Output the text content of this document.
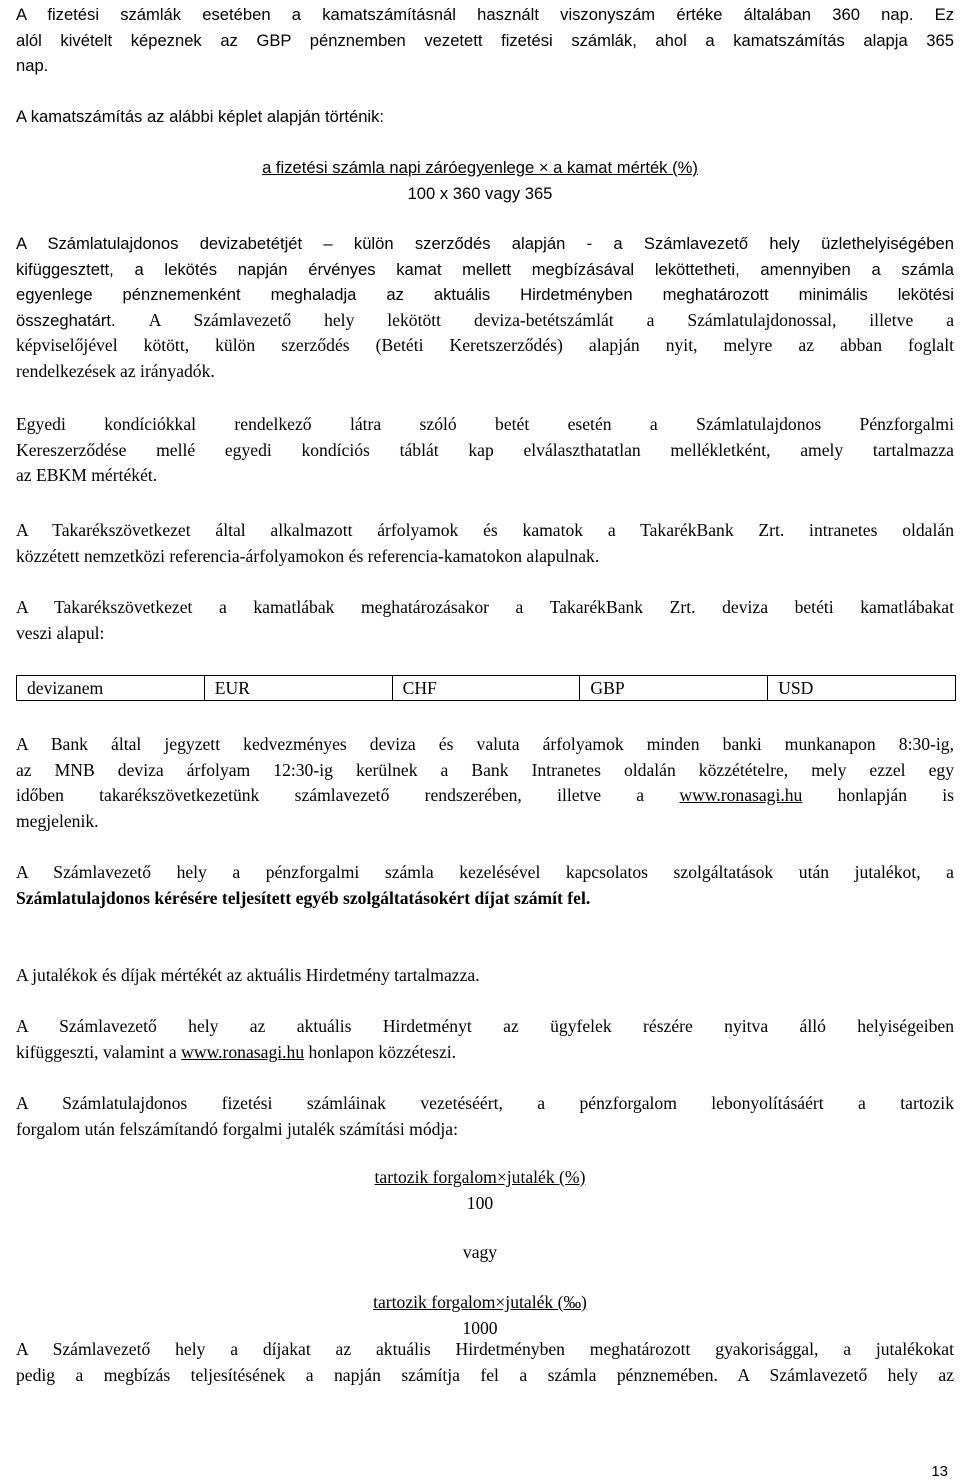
A fizetési számlák esetében a kamatszámításnál használt viszonyszám értéke általában 360 nap. Ez
alól kivételt képeznek az GBP pénznemben vezetett fizetési számlák, ahol a kamatszámítás alapja 365
nap.
A kamatszámítás az alábbi képlet alapján történik:
a fizetési számla napi záróegyenlege × a kamat mérték (%)
100 x 360 vagy 365
A Számlatulajdonos devizabetétjét – külön szerződés alapján - a Számlavezető hely üzlethelyiségében
kifüggesztett, a lekötés napján érvényes kamat mellett megbízásával leköttetheti, amennyiben a számla
egyenlege pénznemenként meghaladja az aktuális Hirdetményben meghatározott minimális lekötési
összeghatárt. A Számlavezető hely lekötött deviza-betétszámlát a Számlatulajdonossal, illetve a
képviselőjével kötött, külön szerződés (Betéti Keretszerződés) alapján nyit, melyre az abban foglalt
rendelkezések az irányadók.
Egyedi kondíciókkal rendelkező látra szóló betét esetén a Számlatulajdonos Pénzforgalmi
Kereszerződése mellé egyedi kondíciós táblát kap elválaszthatatlan mellékletként, amely tartalmazza
az EBKM mértékét.
A Takarékszövetkezet által alkalmazott árfolyamok és kamatok a TakarékBank Zrt. intranetes oldalán
közzétett nemzetközi referencia-árfolyamokon és referencia-kamatokon alapulnak.
A Takarékszövetkezet a kamatlábak meghatározásakor a TakarékBank Zrt. deviza betéti kamatlábakat
veszi alapul:
devizanem	EUR	CHF	GBP	USD
A Bank által jegyzett kedvezményes deviza és valuta árfolyamok minden banki munkanapon 8:30-ig,
az MNB deviza árfolyam 12:30-ig kerülnek a Bank Intranetes oldalán közzétételre, mely ezzel egy
időben takarékszövetkezetünk számlavezető rendszerében, illetve a www.ronasagi.hu honlapján is
megjelenik.
A Számlavezető hely a pénzforgalmi számla kezelésével kapcsolatos szolgáltatások után jutalékot, a
Számlatulajdonos kérésére teljesített egyéb szolgáltatásokért díjat számít fel.
A jutalékok és díjak mértékét az aktuális Hirdetmény tartalmazza.
A Számlavezető hely az aktuális Hirdetményt az ügyfelek részére nyitva álló helyiségeiben
kifüggeszti, valamint a www.ronasagi.hu honlapon közzéteszi.
A Számlatulajdonos fizetési számláinak vezetéséért, a pénzforgalom lebonyolításáért a tartozik
forgalom után felszámítandó forgalmi jutalék számítási módja:
tartozik forgalom×jutalék (%)
100
vagy
tartozik forgalom×jutalék (‰)
1000
A Számlavezető hely a díjakat az aktuális Hirdetményben meghatározott gyakorisággal, a jutalékokat
pedig a megbízás teljesítésének a napján számítja fel a számla pénznemében. A Számlavezető hely az
13
